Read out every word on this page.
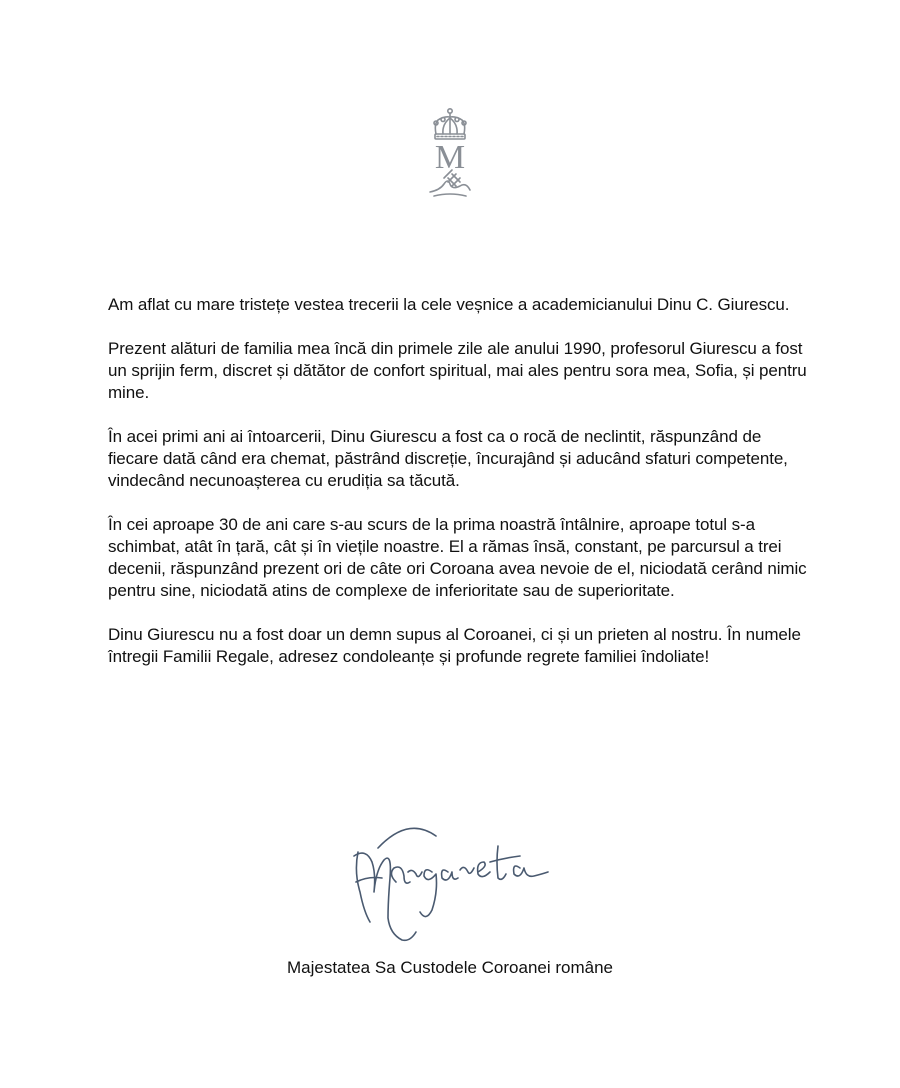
M

Am aflat cu mare tristețe vestea trecerii la cele veșnice a academicianului Dinu C. Giurescu.

Prezent alături de familia mea încă din primele zile ale anului 1990, profesorul Giurescu a fost un sprijin ferm, discret și dătător de confort spiritual, mai ales pentru sora mea, Sofia, și pentru mine.

În acei primi ani ai întoarcerii, Dinu Giurescu a fost ca o rocă de neclintit, răspunzând de fiecare dată când era chemat, păstrând discreție, încurajând și aducând sfaturi competente, vindecând necunoașterea cu erudiția sa tăcută.

În cei aproape 30 de ani care s-au scurs de la prima noastră întâlnire, aproape totul s-a schimbat, atât în țară, cât și în viețile noastre. El a rămas însă, constant, pe parcursul a trei decenii, răspunzând prezent ori de câte ori Coroana avea nevoie de el, niciodată cerând nimic pentru sine, niciodată atins de complexe de inferioritate sau de superioritate.

Dinu Giurescu nu a fost doar un demn supus al Coroanei, ci și un prieten al nostru. În numele întregii Familii Regale, adresez condoleanțe și profunde regrete familiei îndoliate!

Majestatea Sa Custodele Coroanei române
